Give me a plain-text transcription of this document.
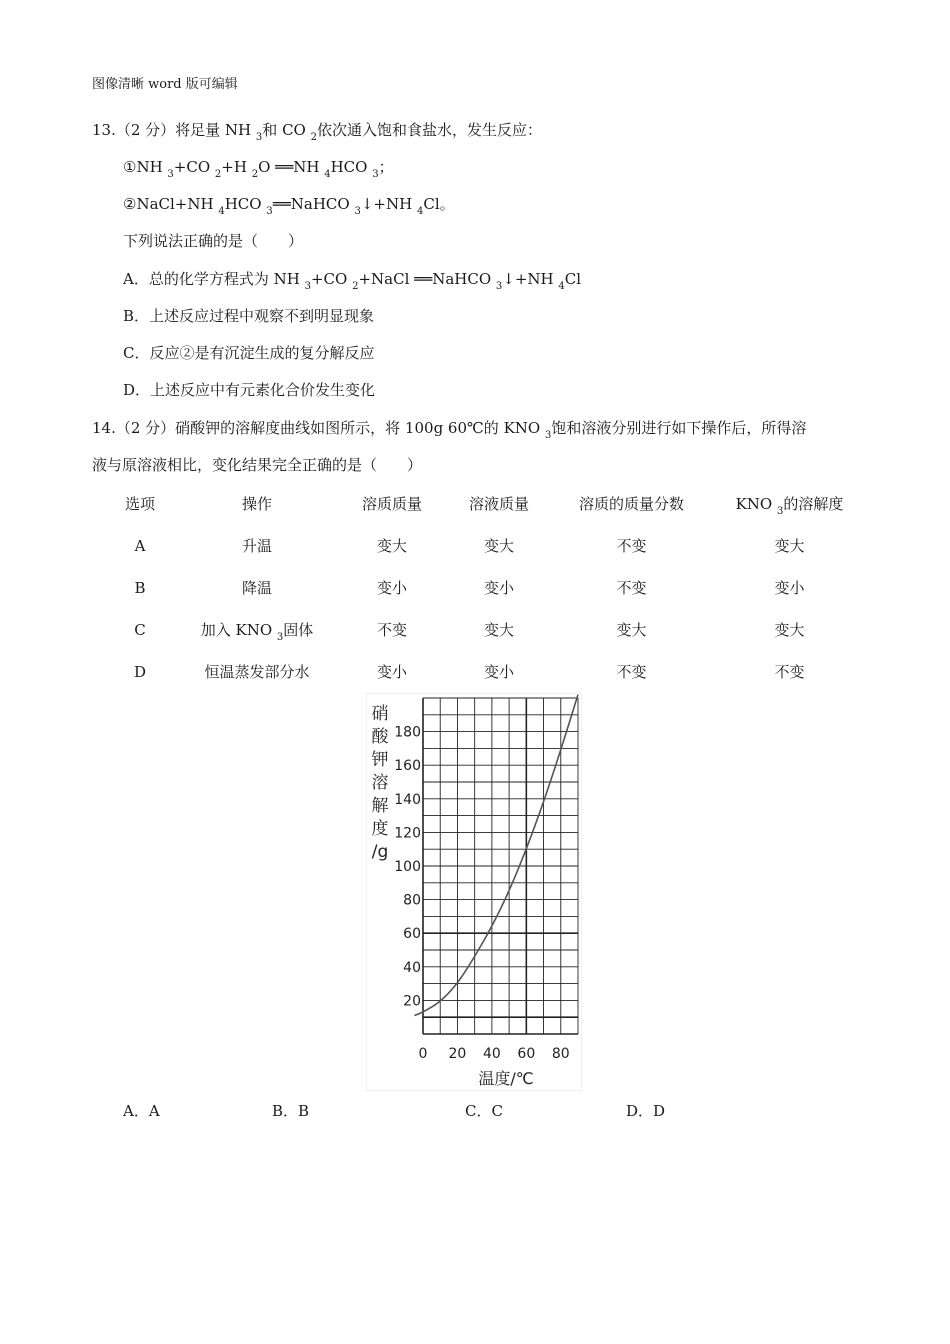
图像清晰 word 版可编辑
13.（2 分）将足量 NH $_3$和 CO $_2$依次通入饱和食盐水，发生反应：
①NH $_3$+CO $_2$+H $_2$O ══NH $_4$HCO $_3$；
②NaCl+NH $_4$HCO $_3$══NaHCO $_3$↓+NH $_4$Cl。
下列说法正确的是（　　）
A．总的化学方程式为 NH $_3$+CO $_2$+NaCl ══NaHCO $_3$↓+NH $_4$Cl
B．上述反应过程中观察不到明显现象
C．反应②是有沉淀生成的复分解反应
D．上述反应中有元素化合价发生变化
14.（2 分）硝酸钾的溶解度曲线如图所示，将 100g 60℃的 KNO $_3$饱和溶液分别进行如下操作后，所得溶
液与原溶液相比，变化结果完全正确的是（　　）
选项	操作	溶质质量	溶液质量	溶质的质量分数	KNO $_3$的溶解度
A	升温	变大	变大	不变	变大
B	降温	变小	变小	不变	变小
C	加入 KNO $_3$固体	不变	变大	变大	变大
D	恒温蒸发部分水	变小	变小	不变	不变
20
40
60
80
100
120
140
160
180
0 20 40 60 80
硝
酸
钾
溶
解
度
/g
温度/℃
A．A	B．B	C．C	D．D
